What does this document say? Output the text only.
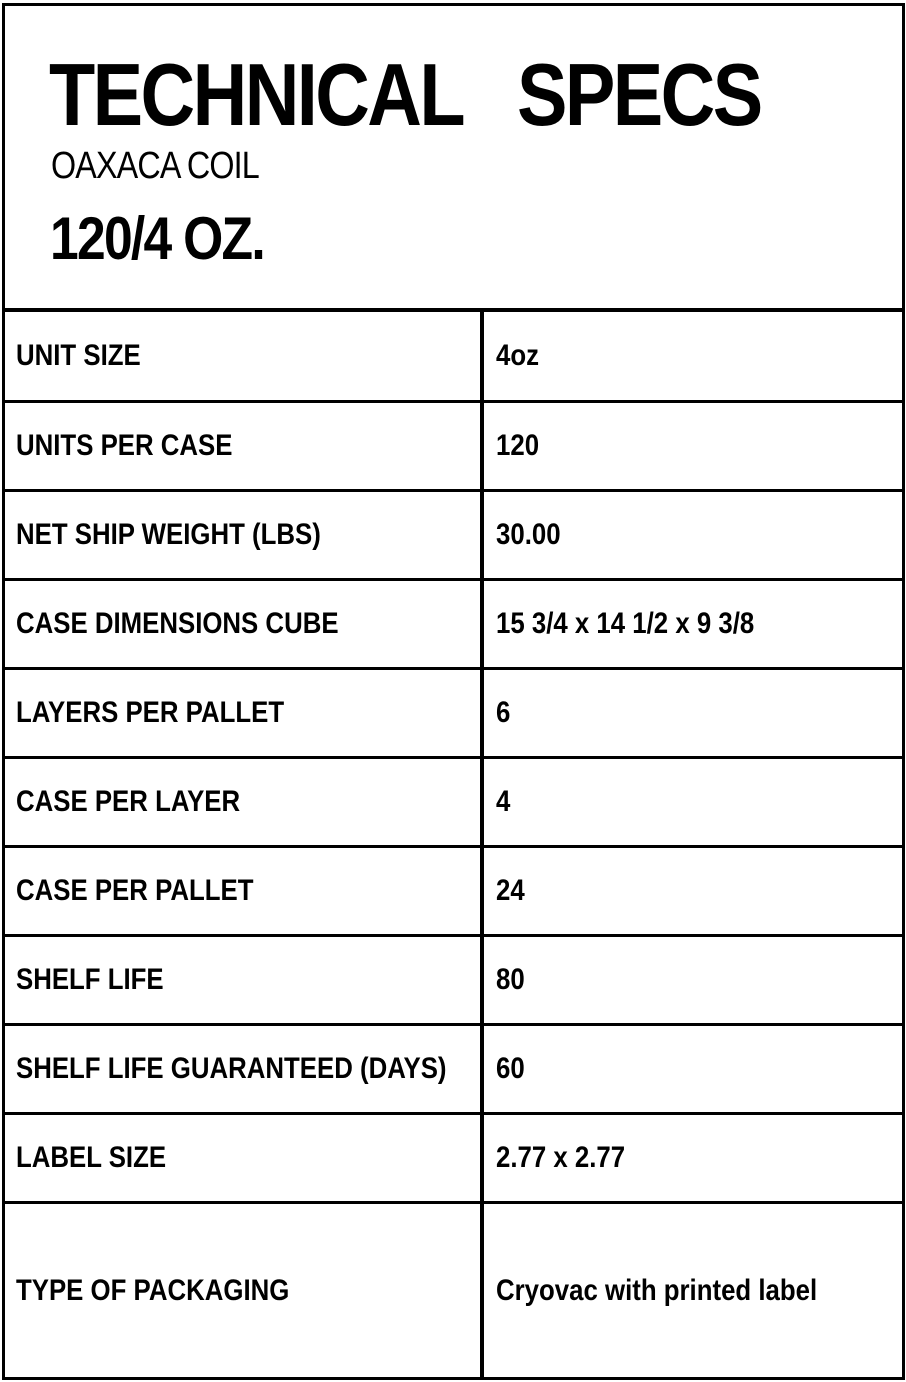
TECHNICAL   SPECS
OAXACA COIL
120/4 OZ.
UNIT SIZE	4oz
UNITS PER CASE	120
NET SHIP WEIGHT (LBS)	30.00
CASE DIMENSIONS CUBE	15 3/4 x 14 1/2 x 9 3/8
LAYERS PER PALLET	6
CASE PER LAYER	4
CASE PER PALLET	24
SHELF LIFE	80
SHELF LIFE GUARANTEED (DAYS)	60
LABEL SIZE	2.77 x 2.77
TYPE OF PACKAGING	Cryovac with printed label
